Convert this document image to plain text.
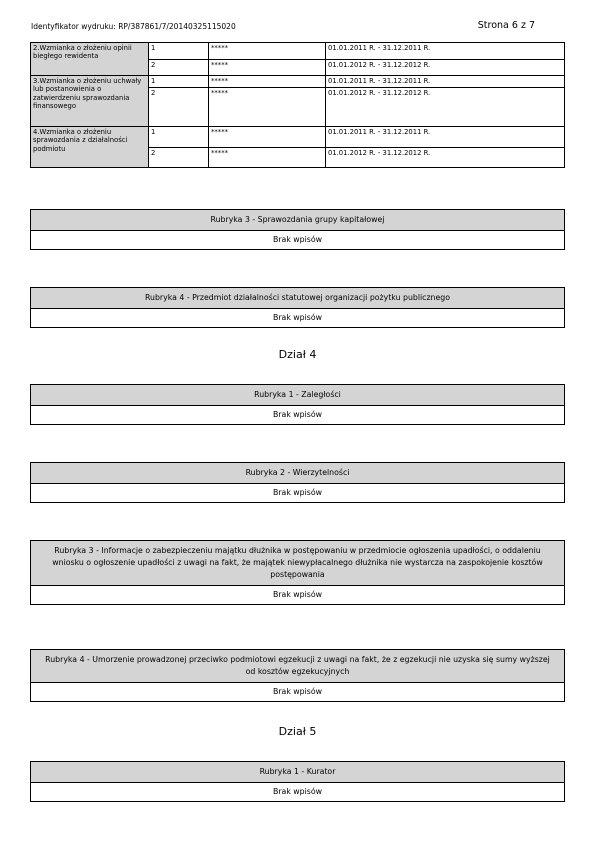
Identyfikator wydruku: RP/387861/7/20140325115020	Strona 6 z 7
2.Wzmianka o złożeniu opinii biegłego rewidenta	1	*****	01.01.2011 R. - 31.12.2011 R.
	2	*****	01.01.2012 R. - 31.12.2012 R.
3.Wzmianka o złożeniu uchwały lub postanowienia o zatwierdzeniu sprawozdania finansowego	1	*****	01.01.2011 R. - 31.12.2011 R.
	2	*****	01.01.2012 R. - 31.12.2012 R.
4.Wzmianka o złożeniu sprawozdania z działalności podmiotu	1	*****	01.01.2011 R. - 31.12.2011 R.
	2	*****	01.01.2012 R. - 31.12.2012 R.
Rubryka 3 - Sprawozdania grupy kapitałowej
Brak wpisów
Rubryka 4 - Przedmiot działalności statutowej organizacji pożytku publicznego
Brak wpisów
Dział 4
Rubryka 1 - Zaległości
Brak wpisów
Rubryka 2 - Wierzytelności
Brak wpisów
Rubryka 3 - Informacje o zabezpieczeniu majątku dłużnika w postępowaniu w przedmiocie ogłoszenia upadłości, o oddaleniu wniosku o ogłoszenie upadłości z uwagi na fakt, że majątek niewypłacalnego dłużnika nie wystarcza na zaspokojenie kosztów postępowania
Brak wpisów
Rubryka 4 - Umorzenie prowadzonej przeciwko podmiotowi egzekucji z uwagi na fakt, że z egzekucji nie uzyska się sumy wyższej od kosztów egzekucyjnych
Brak wpisów
Dział 5
Rubryka 1 - Kurator
Brak wpisów
